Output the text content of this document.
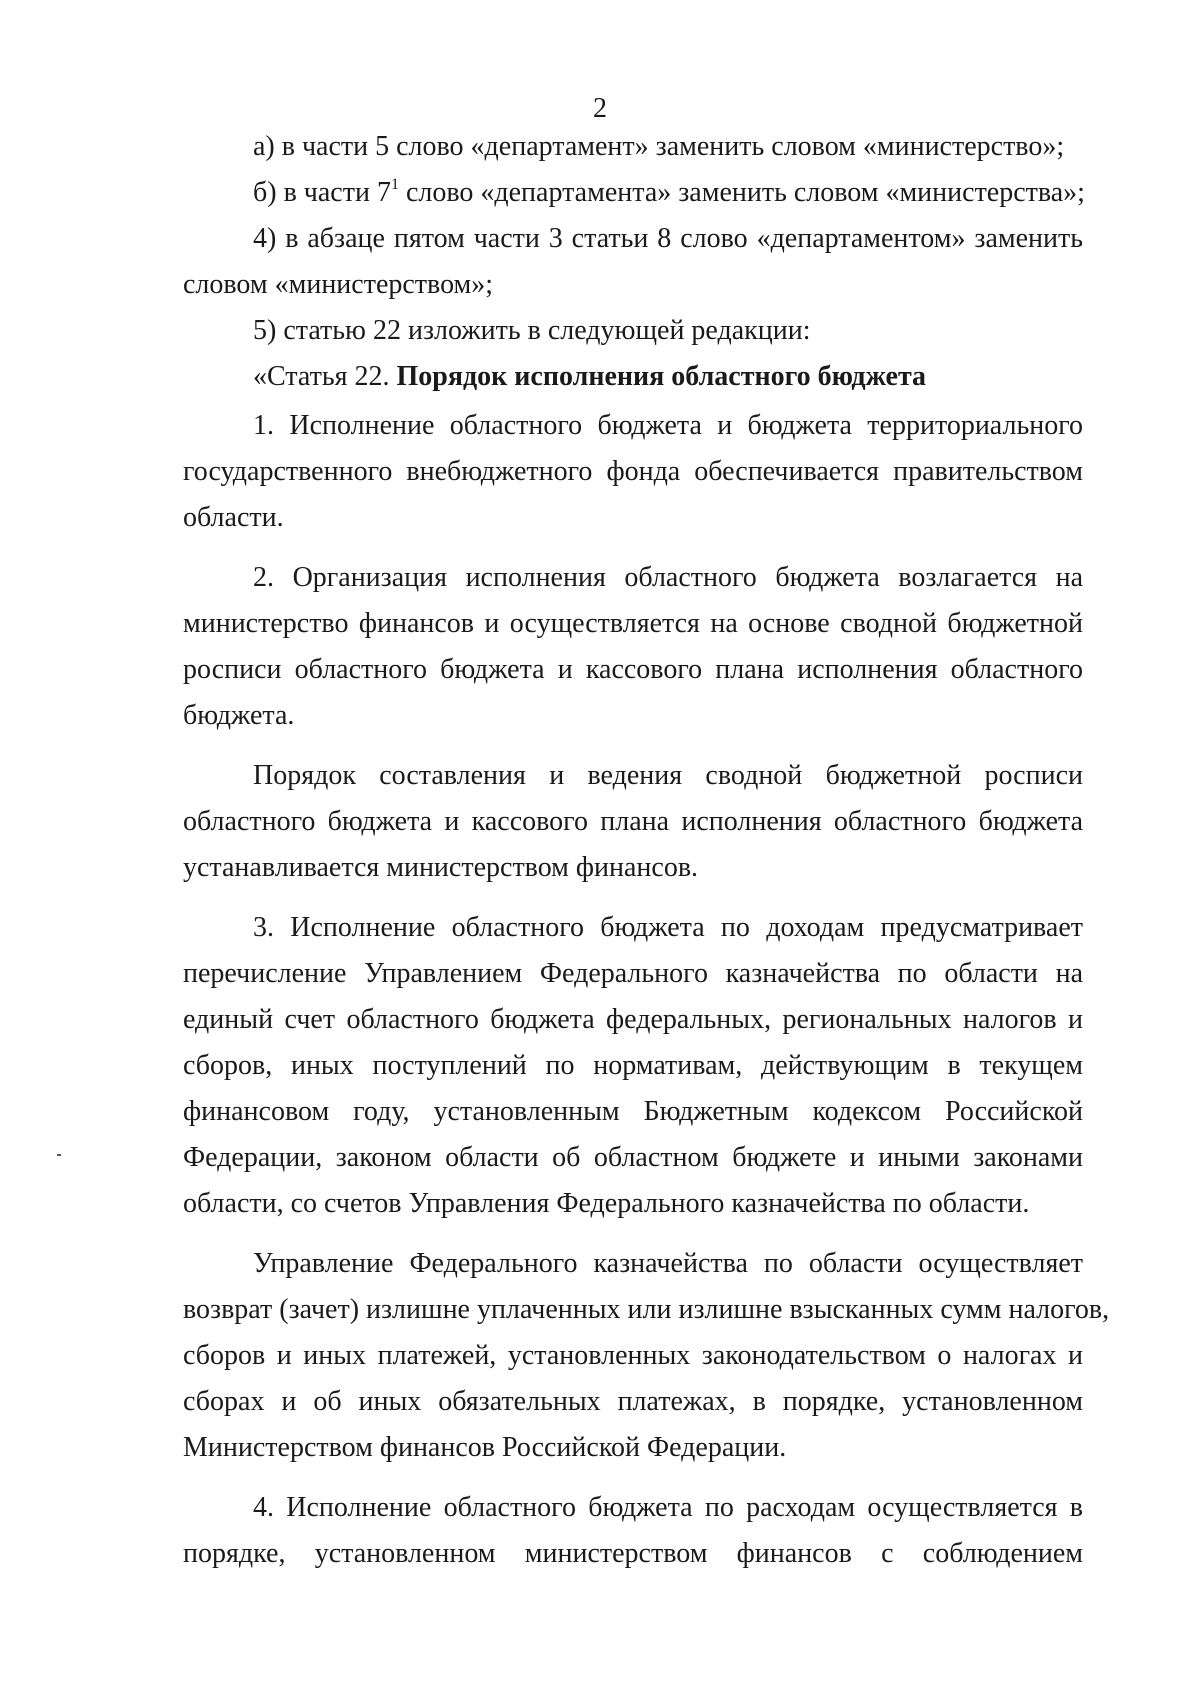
2
а) в части 5 слово «департамент» заменить словом «министерство»;
б) в части $7^1$ слово «департамента» заменить словом «министерства»;
4) в абзаце пятом части 3 статьи 8 слово «департаментом» заменить
словом «министерством»;
5) статью 22 изложить в следующей редакции:
«Статья 22. Порядок исполнения областного бюджета
1. Исполнение областного бюджета и бюджета территориального
государственного внебюджетного фонда обеспечивается правительством
области.
2. Организация исполнения областного бюджета возлагается на
министерство финансов и осуществляется на основе сводной бюджетной
росписи областного бюджета и кассового плана исполнения областного
бюджета.
Порядок составления и ведения сводной бюджетной росписи
областного бюджета и кассового плана исполнения областного бюджета
устанавливается министерством финансов.
3. Исполнение областного бюджета по доходам предусматривает
перечисление Управлением Федерального казначейства по области на
единый счет областного бюджета федеральных, региональных налогов и
сборов, иных поступлений по нормативам, действующим в текущем
финансовом году, установленным Бюджетным кодексом Российской
Федерации, законом области об областном бюджете и иными законами
области, со счетов Управления Федерального казначейства по области.
Управление Федерального казначейства по области осуществляет
возврат (зачет) излишне уплаченных или излишне взысканных сумм налогов,
сборов и иных платежей, установленных законодательством о налогах и
сборах и об иных обязательных платежах, в порядке, установленном
Министерством финансов Российской Федерации.
4. Исполнение областного бюджета по расходам осуществляется в
порядке, установленном министерством финансов с соблюдением
